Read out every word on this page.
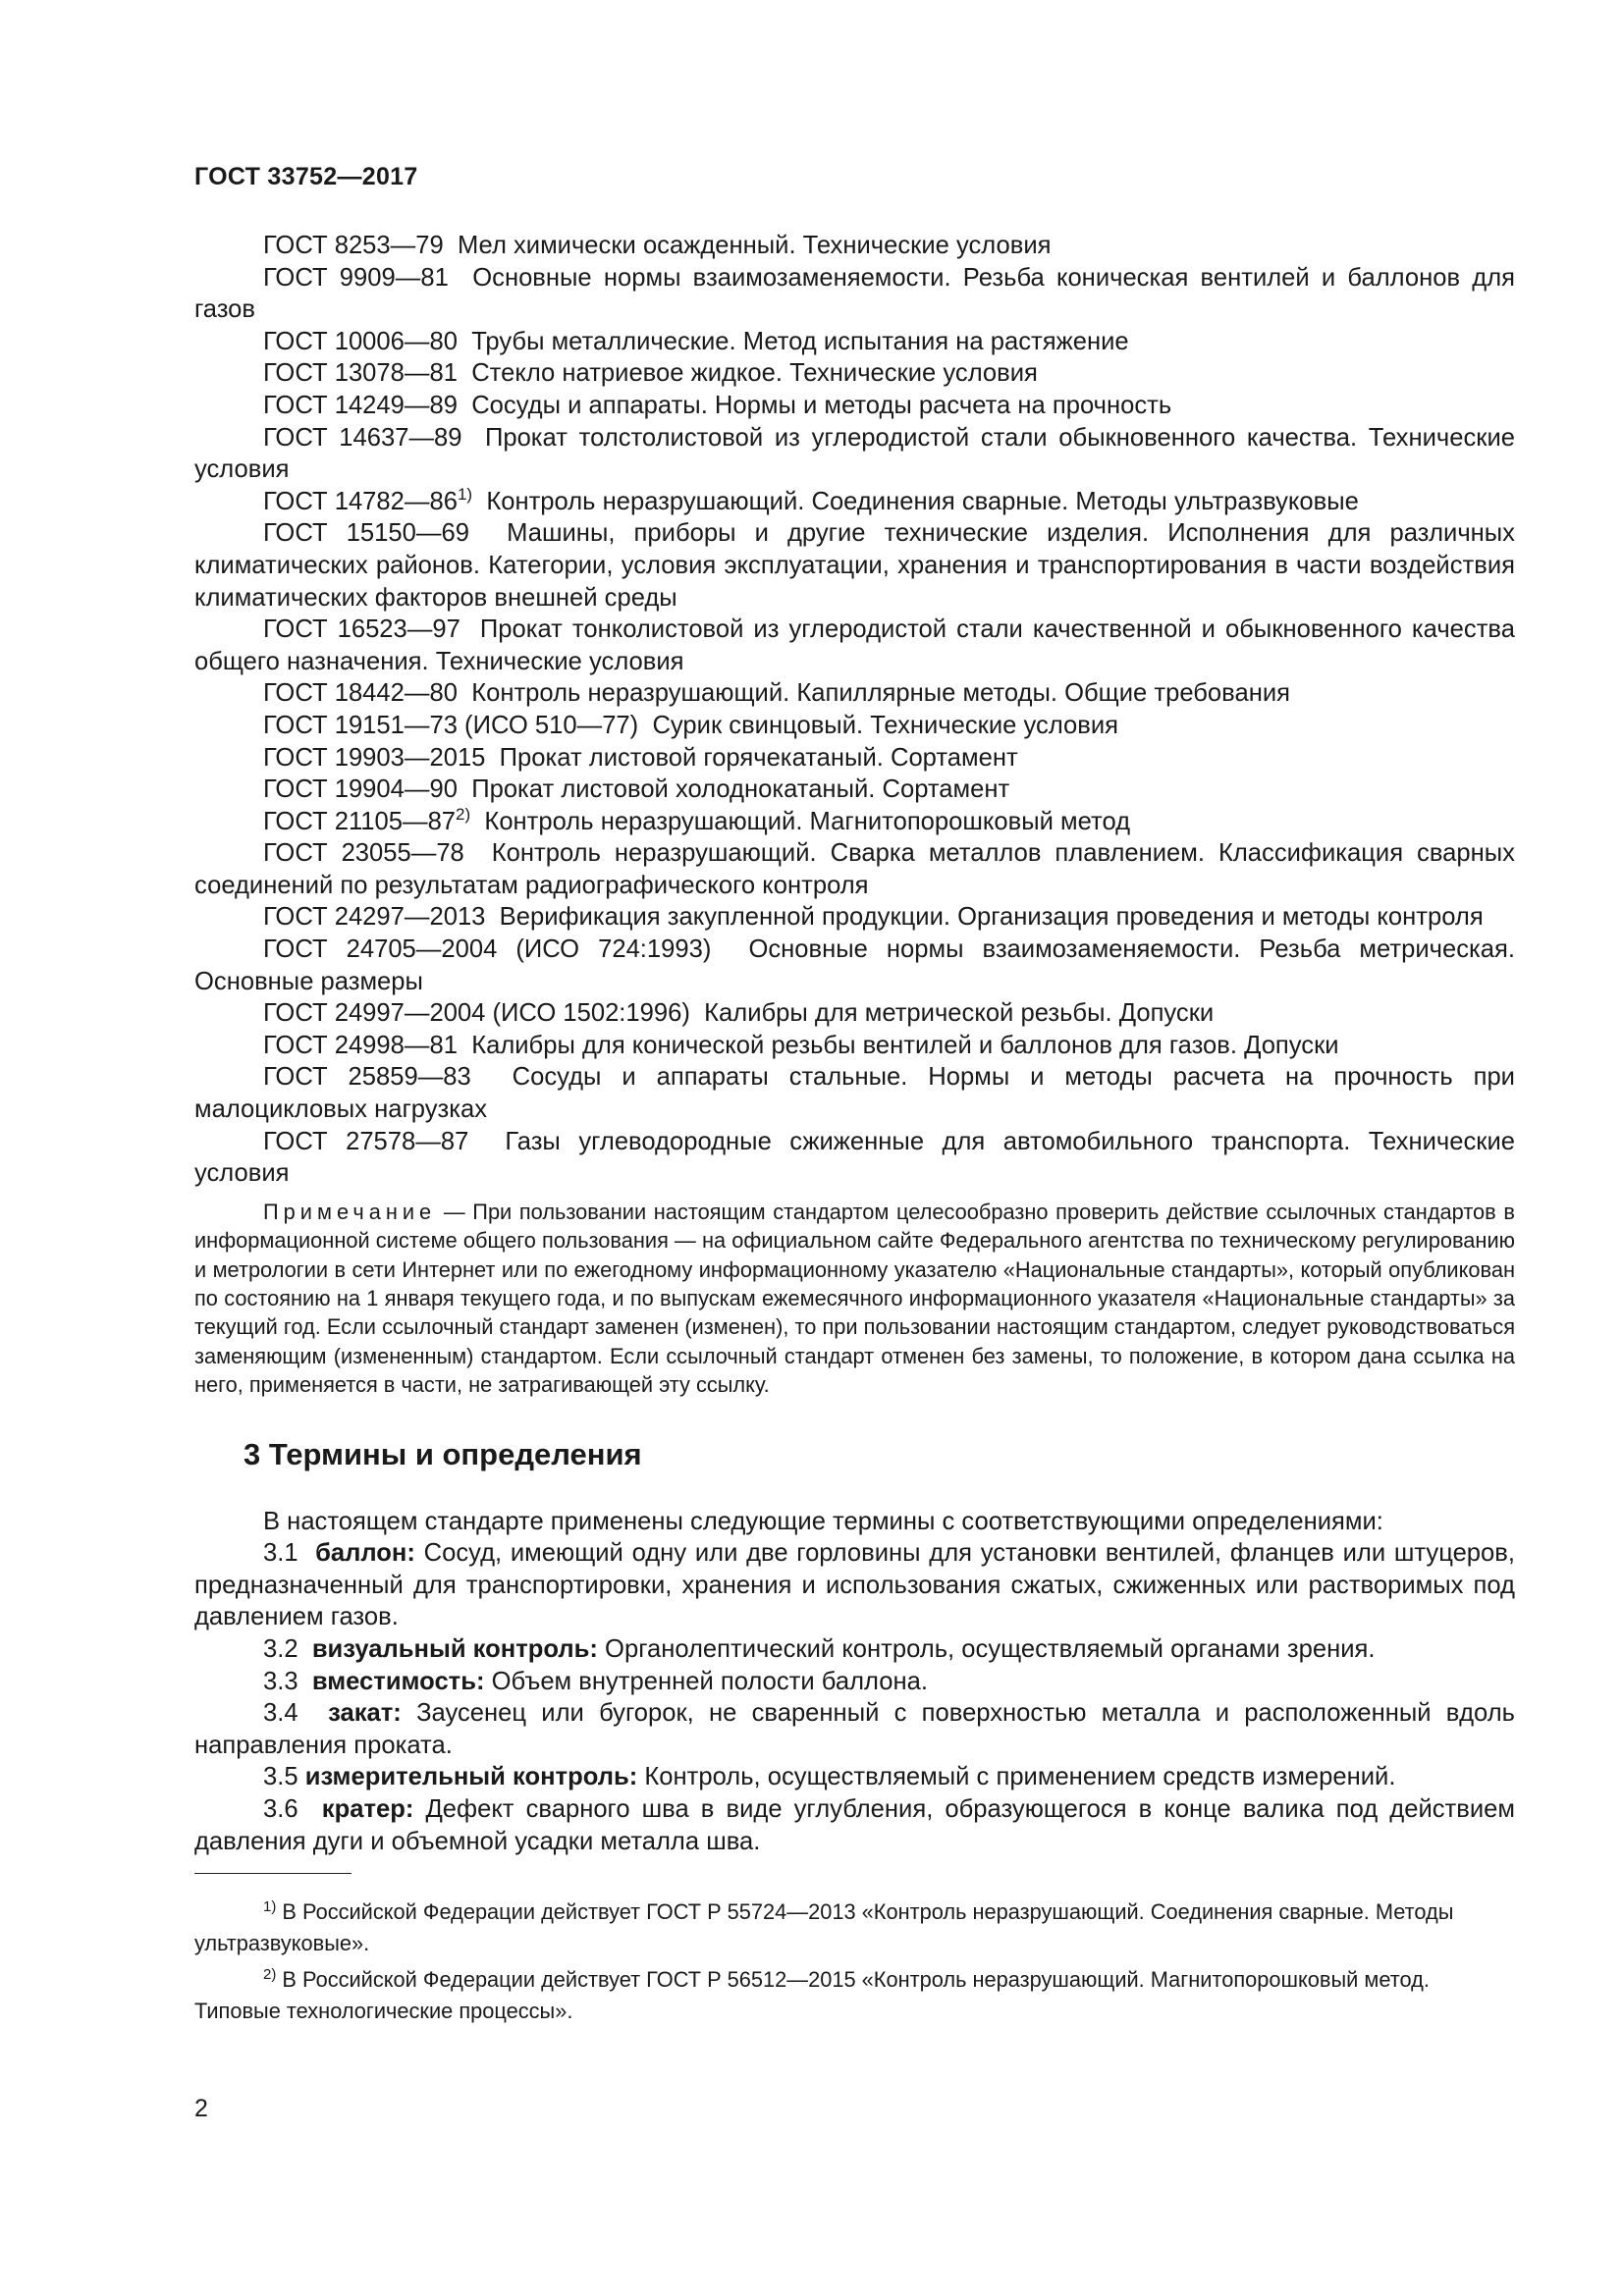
ГОСТ 33752—2017

ГОСТ 8253—79 Мел химически осажденный. Технические условия

ГОСТ 9909—81 Основные нормы взаимозаменяемости. Резьба коническая вентилей и баллонов для газов

ГОСТ 10006—80 Трубы металлические. Метод испытания на растяжение

ГОСТ 13078—81 Стекло натриевое жидкое. Технические условия

ГОСТ 14249—89 Сосуды и аппараты. Нормы и методы расчета на прочность

ГОСТ 14637—89 Прокат толстолистовой из углеродистой стали обыкновенного качества. Технические условия

ГОСТ 14782—86$^{1)}$ Контроль неразрушающий. Соединения сварные. Методы ультразвуковые

ГОСТ 15150—69 Машины, приборы и другие технические изделия. Исполнения для различных климатических районов. Категории, условия эксплуатации, хранения и транспортирования в части воздействия климатических факторов внешней среды

ГОСТ 16523—97 Прокат тонколистовой из углеродистой стали качественной и обыкновенного качества общего назначения. Технические условия

ГОСТ 18442—80 Контроль неразрушающий. Капиллярные методы. Общие требования

ГОСТ 19151—73 (ИСО 510—77) Сурик свинцовый. Технические условия

ГОСТ 19903—2015 Прокат листовой горячекатаный. Сортамент

ГОСТ 19904—90 Прокат листовой холоднокатаный. Сортамент

ГОСТ 21105—87$^{2)}$ Контроль неразрушающий. Магнитопорошковый метод

ГОСТ 23055—78 Контроль неразрушающий. Сварка металлов плавлением. Классификация сварных соединений по результатам радиографического контроля

ГОСТ 24297—2013 Верификация закупленной продукции. Организация проведения и методы контроля

ГОСТ 24705—2004 (ИСО 724:1993) Основные нормы взаимозаменяемости. Резьба метрическая. Основные размеры

ГОСТ 24997—2004 (ИСО 1502:1996) Калибры для метрической резьбы. Допуски

ГОСТ 24998—81 Калибры для конической резьбы вентилей и баллонов для газов. Допуски

ГОСТ 25859—83 Сосуды и аппараты стальные. Нормы и методы расчета на прочность при малоцикловых нагрузках

ГОСТ 27578—87 Газы углеводородные сжиженные для автомобильного транспорта. Технические условия

Примечание — При пользовании настоящим стандартом целесообразно проверить действие ссылочных стандартов в информационной системе общего пользования — на официальном сайте Федерального агентства по техническому регулированию и метрологии в сети Интернет или по ежегодному информационному указателю «Национальные стандарты», который опубликован по состоянию на 1 января текущего года, и по выпускам ежемесячного информационного указателя «Национальные стандарты» за текущий год. Если ссылочный стандарт заменен (изменен), то при пользовании настоящим стандартом, следует руководствоваться заменяющим (измененным) стандартом. Если ссылочный стандарт отменен без замены, то положение, в котором дана ссылка на него, применяется в части, не затрагивающей эту ссылку.

3 Термины и определения

В настоящем стандарте применены следующие термины с соответствующими определениями:

3.1 баллон: Сосуд, имеющий одну или две горловины для установки вентилей, фланцев или штуцеров, предназначенный для транспортировки, хранения и использования сжатых, сжиженных или растворимых под давлением газов.

3.2 визуальный контроль: Органолептический контроль, осуществляемый органами зрения.

3.3 вместимость: Объем внутренней полости баллона.

3.4 закат: Заусенец или бугорок, не сваренный с поверхностью металла и расположенный вдоль направления проката.

3.5 измерительный контроль: Контроль, осуществляемый с применением средств измерений.

3.6 кратер: Дефект сварного шва в виде углубления, образующегося в конце валика под действием давления дуги и объемной усадки металла шва.

$^{1)}$ В Российской Федерации действует ГОСТ Р 55724—2013 «Контроль неразрушающий. Соединения сварные. Методы ультразвуковые».

$^{2)}$ В Российской Федерации действует ГОСТ Р 56512—2015 «Контроль неразрушающий. Магнитопорошковый метод. Типовые технологические процессы».

2
